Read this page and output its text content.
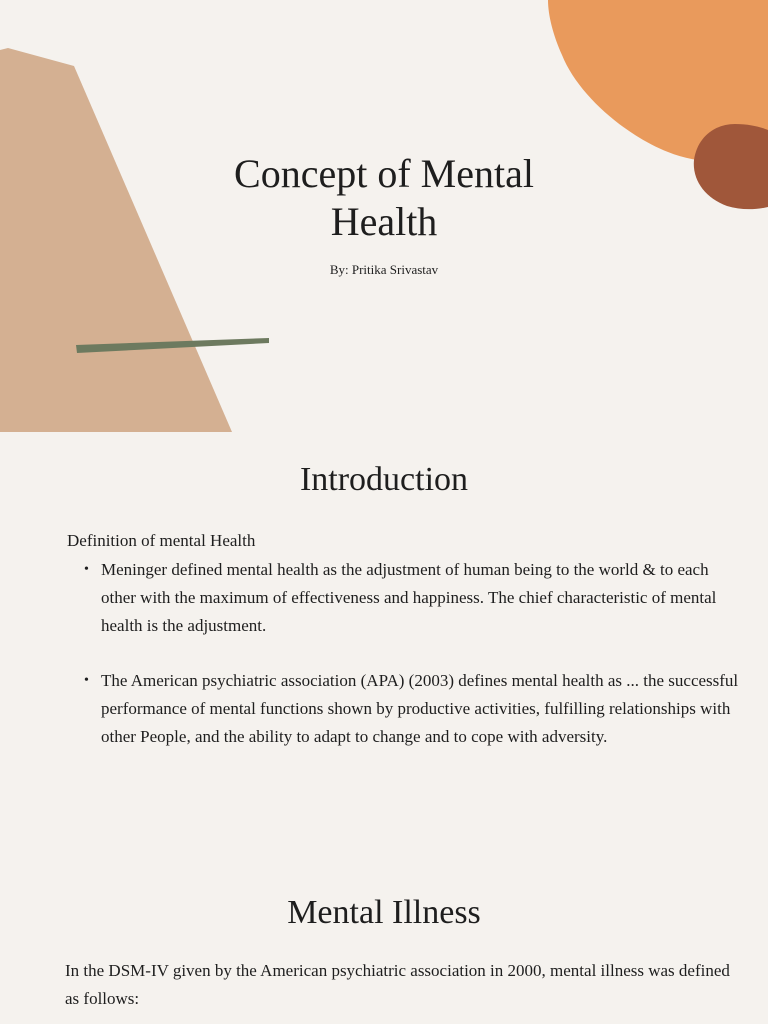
Concept of Mental
Health
By: Pritika Srivastav
Introduction
Definition of mental Health
• Meninger defined mental health as the adjustment of human being to the world & to each other with the maximum of effectiveness and happiness. The chief characteristic of mental health is the adjustment.
• The American psychiatric association (APA) (2003) defines mental health as ... the successful performance of mental functions shown by productive activities, fulfilling relationships with other People, and the ability to adapt to change and to cope with adversity.
Mental Illness
In the DSM-IV given by the American psychiatric association in 2000, mental illness was defined as follows:
